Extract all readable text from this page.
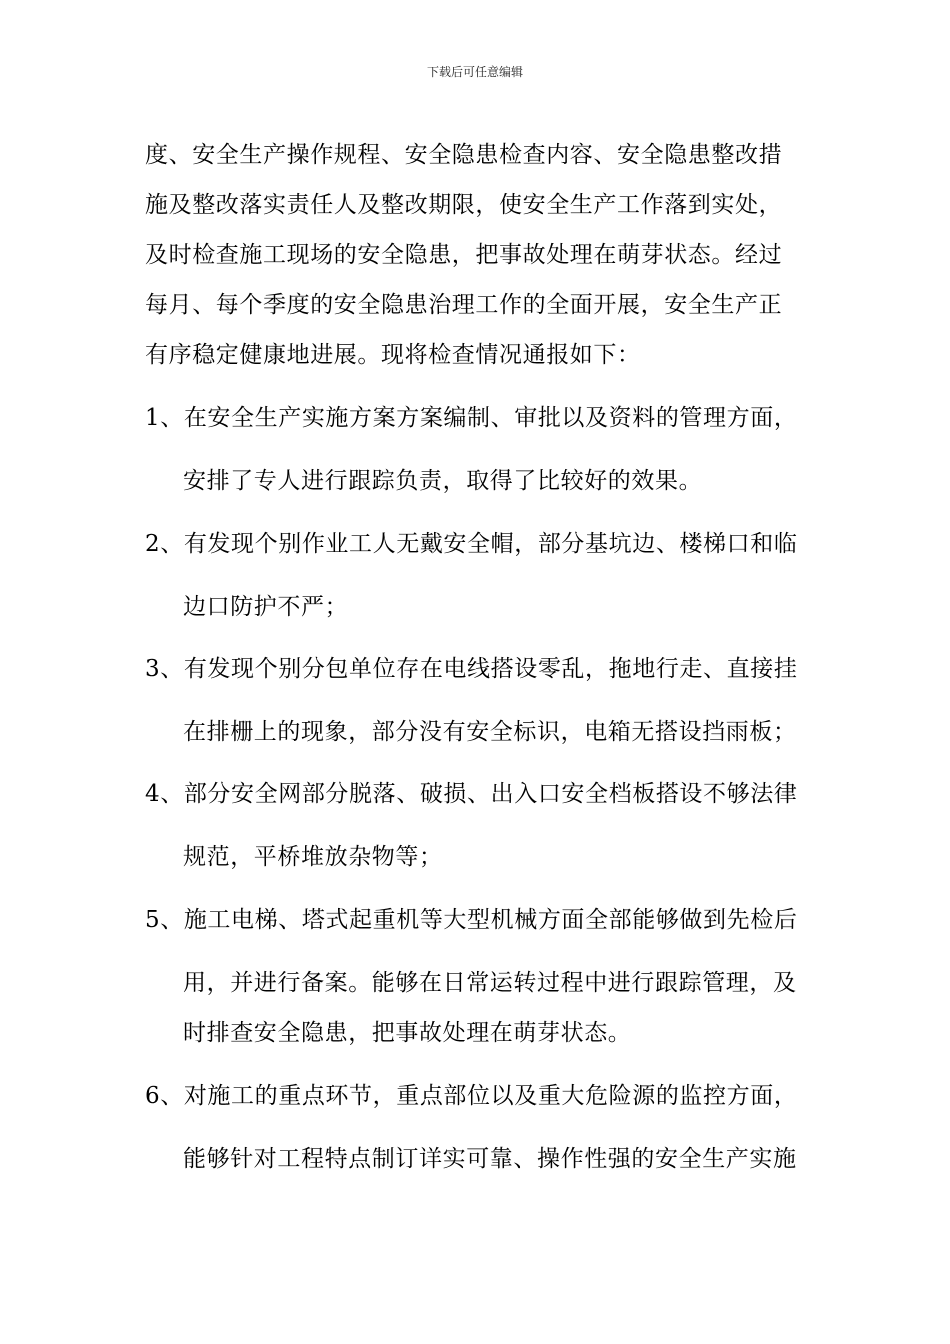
下载后可任意编辑
度、安全生产操作规程、安全隐患检查内容、安全隐患整改措
施及整改落实责任人及整改期限，使安全生产工作落到实处，
及时检查施工现场的安全隐患，把事故处理在萌芽状态。经过
每月、每个季度的安全隐患治理工作的全面开展，安全生产正
有序稳定健康地进展。现将检查情况通报如下：
1、在安全生产实施方案方案编制、审批以及资料的管理方面，
安排了专人进行跟踪负责，取得了比较好的效果。
2、有发现个别作业工人无戴安全帽，部分基坑边、楼梯口和临
边口防护不严；
3、有发现个别分包单位存在电线搭设零乱，拖地行走、直接挂
在排栅上的现象，部分没有安全标识，电箱无搭设挡雨板；
4、部分安全网部分脱落、破损、出入口安全档板搭设不够法律
规范，平桥堆放杂物等；
5、施工电梯、塔式起重机等大型机械方面全部能够做到先检后
用，并进行备案。能够在日常运转过程中进行跟踪管理，及
时排查安全隐患，把事故处理在萌芽状态。
6、对施工的重点环节，重点部位以及重大危险源的监控方面，
能够针对工程特点制订详实可靠、操作性强的安全生产实施
